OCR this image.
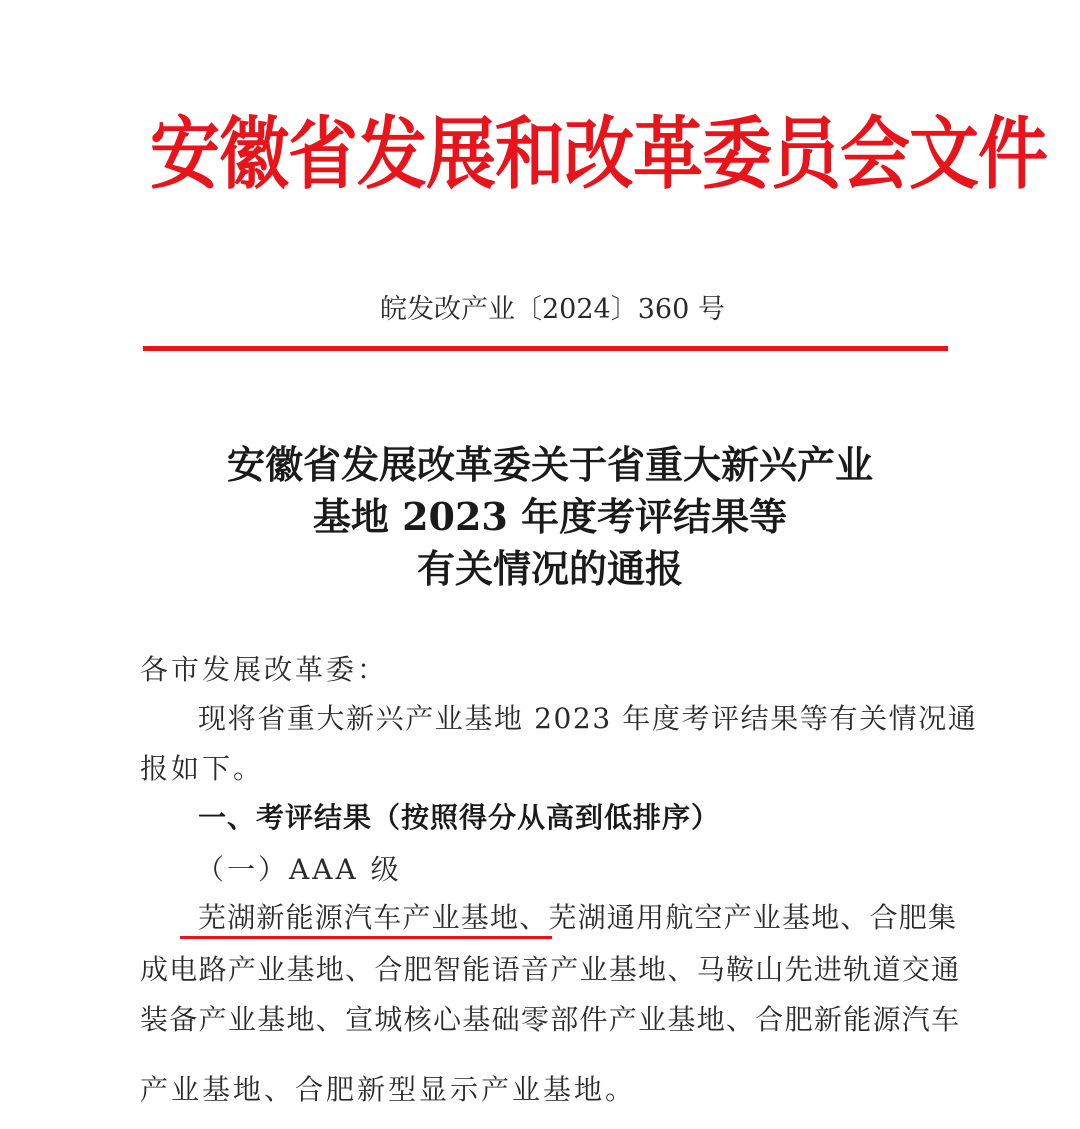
安徽省发展和改革委员会文件
皖发改产业〔2024〕360 号
安徽省发展改革委关于省重大新兴产业
基地 2023 年度考评结果等
有关情况的通报
各市发展改革委：
现将省重大新兴产业基地 2023 年度考评结果等有关情况通
报如下。
一、考评结果（按照得分从高到低排序）
（一）AAA 级
芜湖新能源汽车产业基地、芜湖通用航空产业基地、合肥集
成电路产业基地、合肥智能语音产业基地、马鞍山先进轨道交通
装备产业基地、宣城核心基础零部件产业基地、合肥新能源汽车
产业基地、合肥新型显示产业基地。
